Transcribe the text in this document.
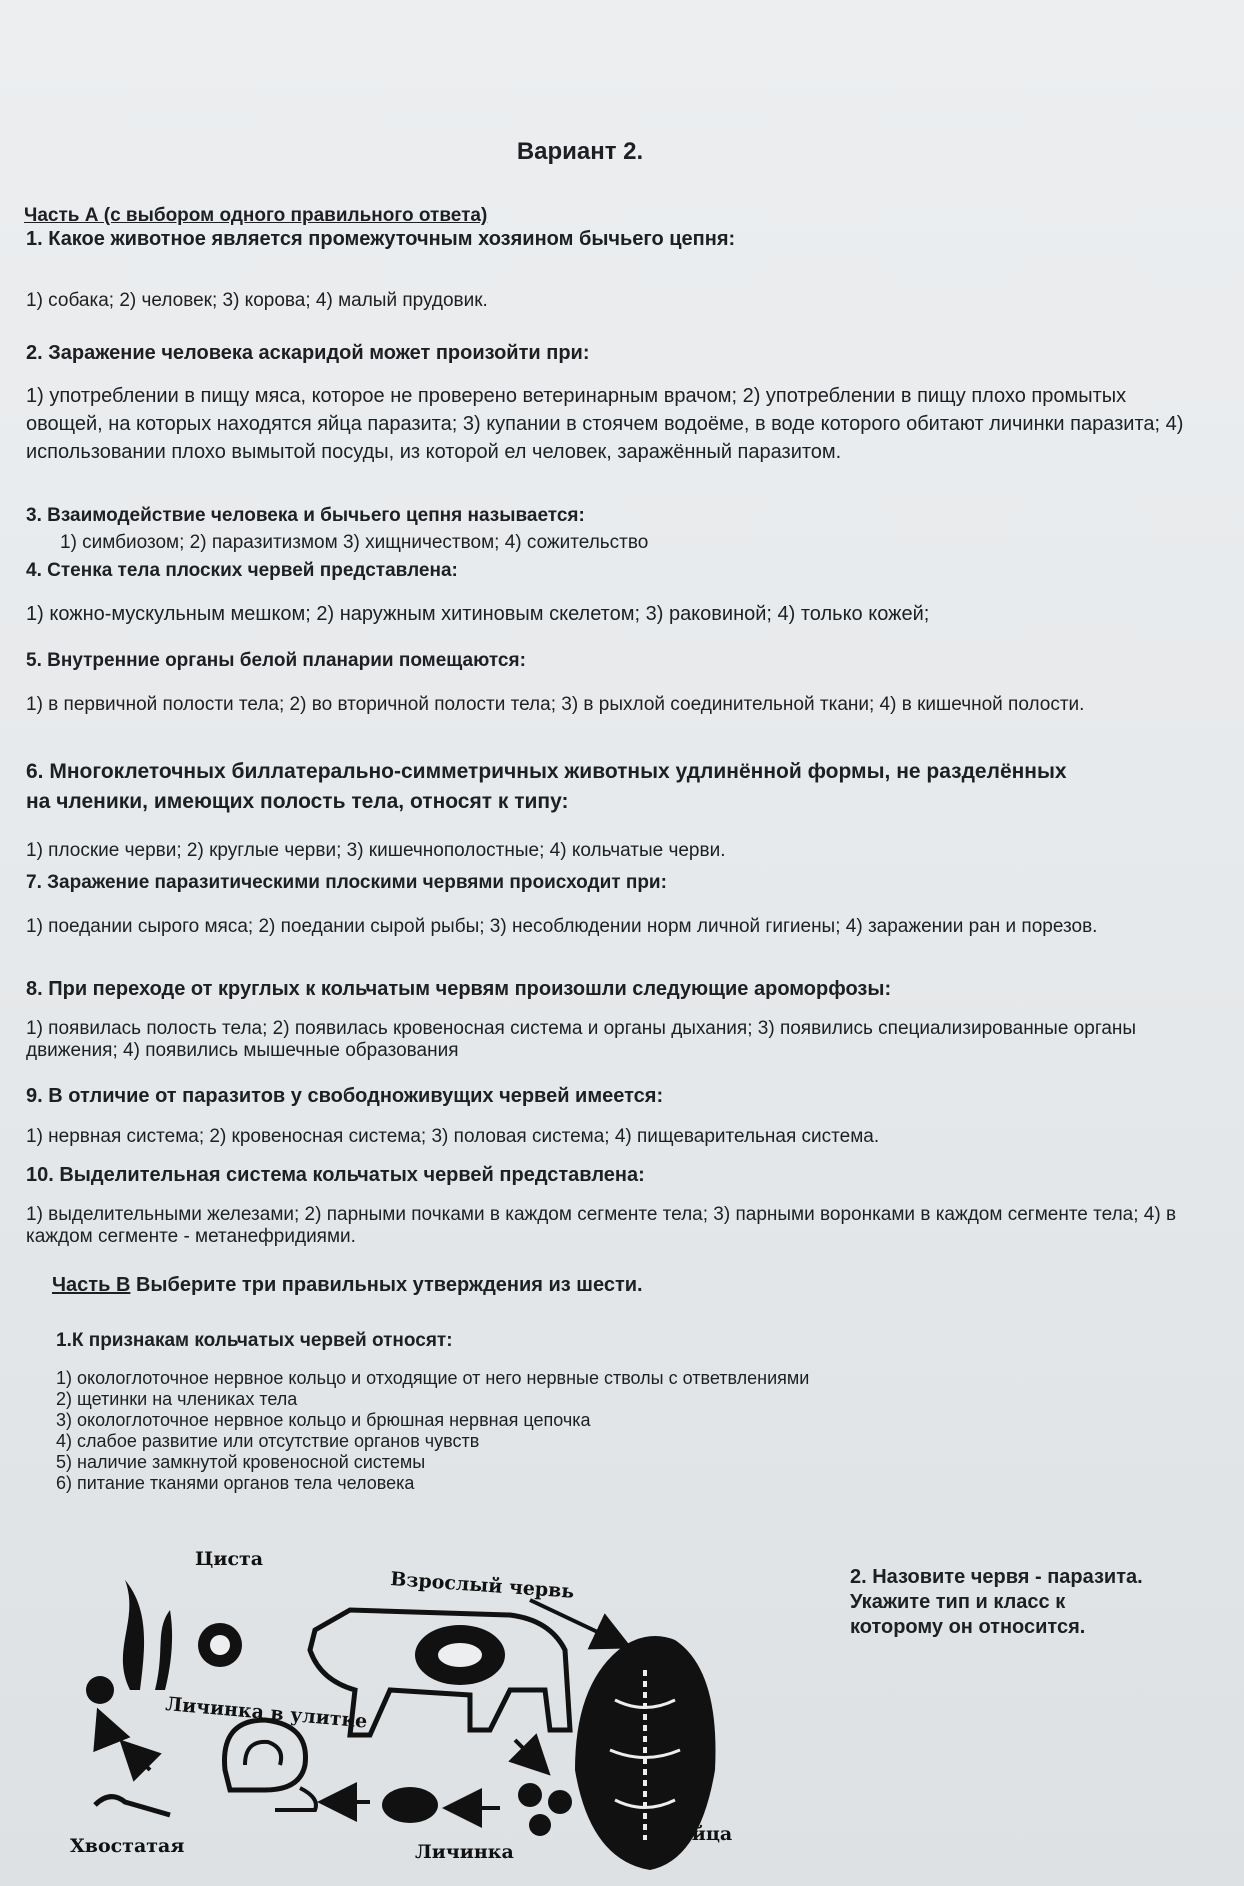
Вариант 2.
Часть А (с выбором одного правильного ответа)
1. Какое животное является промежуточным хозяином бычьего цепня:
1) собака; 2) человек; 3) корова; 4) малый прудовик.
2. Заражение человека аскаридой может произойти при:
1) употреблении в пищу мяса, которое не проверено ветеринарным врачом; 2) употреблении в пищу плохо промытых овощей, на которых находятся яйца паразита; 3) купании в стоячем водоёме, в воде которого обитают личинки паразита; 4) использовании плохо вымытой посуды, из которой ел человек, заражённый паразитом.
3. Взаимодействие человека и бычьего цепня называется:
1) симбиозом; 2) паразитизмом 3) хищничеством; 4) сожительство
4. Стенка тела плоских червей представлена:
1) кожно-мускульным мешком; 2) наружным хитиновым скелетом; 3) раковиной; 4) только кожей;
5. Внутренние органы белой планарии помещаются:
1) в первичной полости тела; 2) во вторичной полости тела; 3) в рыхлой соединительной ткани; 4) в кишечной полости.
6. Многоклеточных биллатерально-симметричных животных удлинённой формы, не разделённых
на членики, имеющих полость тела, относят к типу:
1) плоские черви; 2) круглые черви; 3) кишечнополостные; 4) кольчатые черви.
7. Заражение паразитическими плоскими червями происходит при:
1) поедании сырого мяса; 2) поедании сырой рыбы; 3) несоблюдении норм личной гигиены; 4) заражении ран и порезов.
8. При переходе от круглых к кольчатым червям произошли следующие ароморфозы:
1) появилась полость тела; 2) появилась кровеносная система и органы дыхания; 3) появились специализированные органы движения; 4) появились мышечные образования
9. В отличие от паразитов у свободноживущих червей имеется:
1) нервная система; 2) кровеносная система; 3) половая система; 4) пищеварительная система.
10. Выделительная система кольчатых червей представлена:
1) выделительными железами; 2) парными почками в каждом сегменте тела; 3) парными воронками в каждом сегменте тела; 4) в каждом сегменте - метанефридиями.
Часть В Выберите три правильных утверждения из шести.
1.К признакам кольчатых червей относят:
1) окологлоточное нервное кольцо и отходящие от него нервные стволы с ответвлениями
2) щетинки на члениках тела
3) окологлоточное нервное кольцо и брюшная нервная цепочка
4) слабое развитие или отсутствие органов чувств
5) наличие замкнутой кровеносной системы
6) питание тканями органов тела человека
Циста
Взрослый червь
Личинка в улитке
Хвостатая	Личинка
Яйца
2. Назовите червя - паразита. Укажите тип и класс к которому он относится.
